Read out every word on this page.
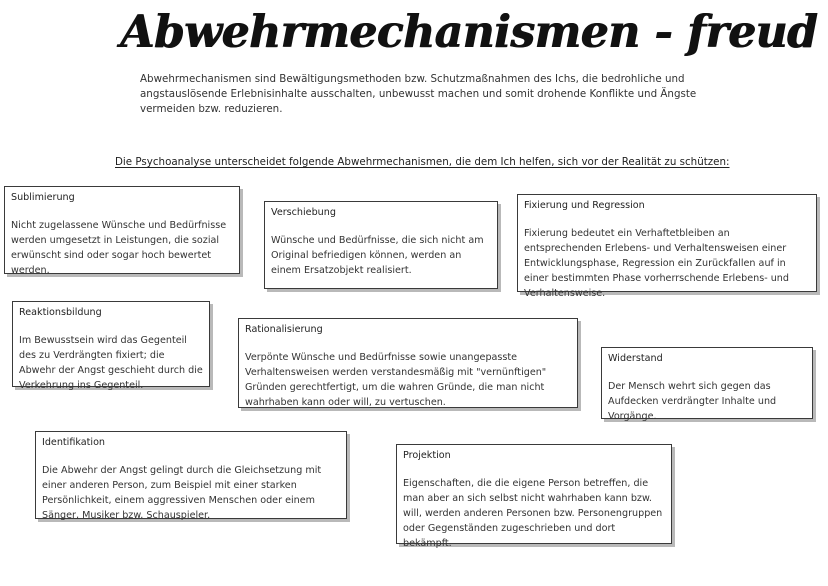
Abwehrmechanismen - freud
Abwehrmechanismen sind Bewältigungsmethoden bzw. Schutzmaßnahmen des Ichs, die bedrohliche und angstauslösende Erlebnisinhalte ausschalten, unbewusst machen und somit drohende Konflikte und Ängste vermeiden bzw. reduzieren.
Die Psychoanalyse unterscheidet folgende Abwehrmechanismen, die dem Ich helfen, sich vor der Realität zu schützen:
Sublimierung
Nicht zugelassene Wünsche und Bedürfnisse werden umgesetzt in Leistungen, die sozial erwünscht sind oder sogar hoch bewertet werden.
Verschiebung
Wünsche und Bedürfnisse, die sich nicht am Original befriedigen können, werden an einem Ersatzobjekt realisiert.
Fixierung und Regression
Fixierung bedeutet ein Verhaftetbleiben an entsprechenden Erlebens- und Verhaltensweisen einer Entwicklungsphase, Regression ein Zurückfallen auf in einer bestimmten Phase vorherrschende Erlebens- und Verhaltensweise.
Reaktionsbildung
Im Bewusstsein wird das Gegenteil des zu Verdrängten fixiert; die Abwehr der Angst geschieht durch die Verkehrung ins Gegenteil.
Rationalisierung
Verpönte Wünsche und Bedürfnisse sowie unangepasste Verhaltensweisen werden verstandesmäßig mit "vernünftigen" Gründen gerechtfertigt, um die wahren Gründe, die man nicht wahrhaben kann oder will, zu vertuschen.
Widerstand
Der Mensch wehrt sich gegen das Aufdecken verdrängter Inhalte und Vorgänge.
Identifikation
Die Abwehr der Angst gelingt durch die Gleichsetzung mit einer anderen Person, zum Beispiel mit einer starken Persönlichkeit, einem aggressiven Menschen oder einem Sänger, Musiker bzw. Schauspieler.
Projektion
Eigenschaften, die die eigene Person betreffen, die man aber an sich selbst nicht wahrhaben kann bzw. will, werden anderen Personen bzw. Personengruppen oder Gegenständen zugeschrieben und dort bekämpft.
